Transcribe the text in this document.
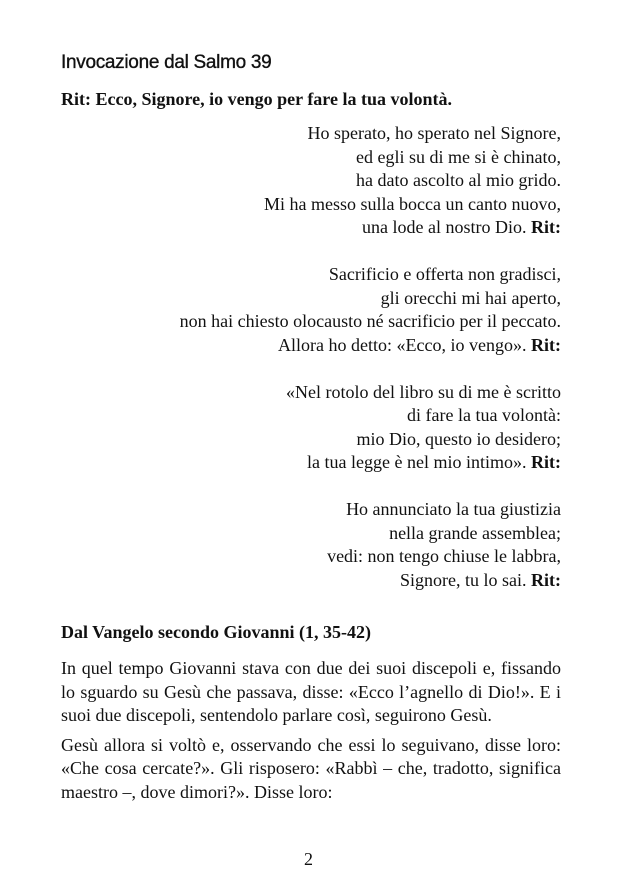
Invocazione dal Salmo 39
Rit: Ecco, Signore, io vengo per fare la tua volontà.
Ho sperato, ho sperato nel Signore,
ed egli su di me si è chinato,
ha dato ascolto al mio grido.
Mi ha messo sulla bocca un canto nuovo,
una lode al nostro Dio. Rit:
Sacrificio e offerta non gradisci,
gli orecchi mi hai aperto,
non hai chiesto olocausto né sacrificio per il peccato.
Allora ho detto: «Ecco, io vengo». Rit:
«Nel rotolo del libro su di me è scritto
di fare la tua volontà:
mio Dio, questo io desidero;
la tua legge è nel mio intimo». Rit:
Ho annunciato la tua giustizia
nella grande assemblea;
vedi: non tengo chiuse le labbra,
Signore, tu lo sai. Rit:
Dal Vangelo secondo Giovanni (1, 35-42)

In quel tempo Giovanni stava con due dei suoi discepoli e, fissando lo sguardo su Gesù che passava, disse: «Ecco l’agnello di Dio!». E i suoi due discepoli, sentendolo parlare così, seguirono Gesù.

Gesù allora si voltò e, osservando che essi lo seguivano, disse loro: «Che cosa cercate?». Gli risposero: «Rabbì – che, tradotto, significa maestro –, dove dimori?». Disse loro:

2
